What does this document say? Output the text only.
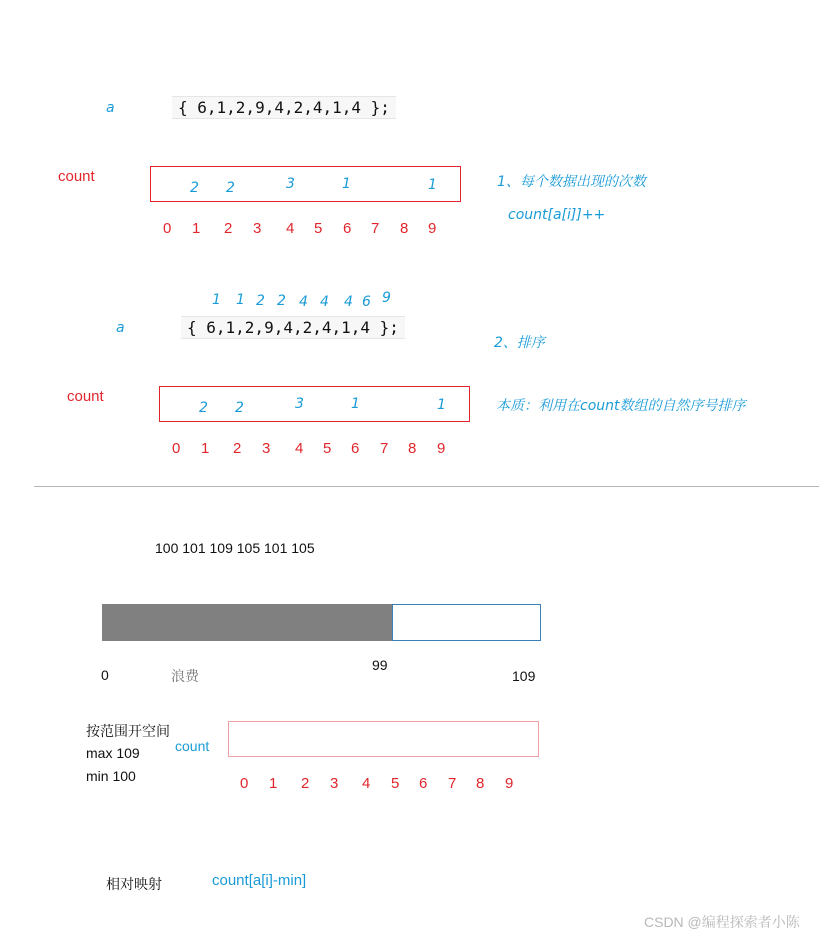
a	{ 6,1,2,9,4,2,4,1,4 };
count
2 2	3	1	1
0 1 2 3 4 5 6 7 8 9
1、每个数据出现的次数
count[a[i]]++
1 1 2 2 4 4 4 6 9
a	{ 6,1,2,9,4,2,4,1,4 };
2、排序
count
2 2	3	1	1	本质：利用在count数组的自然序号排序
0 1 2 3 4 5 6 7 8 9
100 101 109 105 101 105
0	浪费
99
109
按范围开空间
max 109
min 100
count
0 1 2 3 4 5 6 7 8 9
相对映射	count[a[i]-min]
CSDN @编程探索者小陈
